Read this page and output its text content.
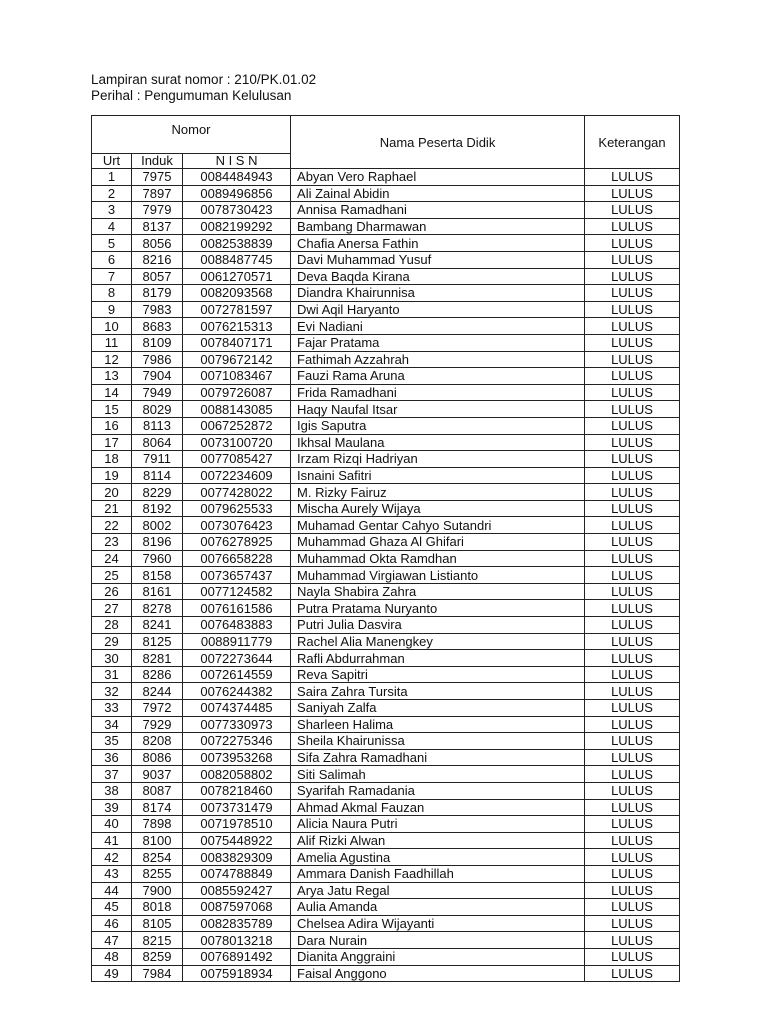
Lampiran surat nomor : 210/PK.01.02
Perihal : Pengumuman Kelulusan
Nomor			Nama Peserta Didik	Keterangan
Urt	Induk	N I S N		
1	7975	0084484943	Abyan Vero Raphael	LULUS
2	7897	0089496856	Ali Zainal Abidin	LULUS
3	7979	0078730423	Annisa Ramadhani	LULUS
4	8137	0082199292	Bambang Dharmawan	LULUS
5	8056	0082538839	Chafia Anersa Fathin	LULUS
6	8216	0088487745	Davi Muhammad Yusuf	LULUS
7	8057	0061270571	Deva Baqda Kirana	LULUS
8	8179	0082093568	Diandra Khairunnisa	LULUS
9	7983	0072781597	Dwi Aqil Haryanto	LULUS
10	8683	0076215313	Evi Nadiani	LULUS
11	8109	0078407171	Fajar Pratama	LULUS
12	7986	0079672142	Fathimah Azzahrah	LULUS
13	7904	0071083467	Fauzi Rama Aruna	LULUS
14	7949	0079726087	Frida Ramadhani	LULUS
15	8029	0088143085	Haqy Naufal Itsar	LULUS
16	8113	0067252872	Igis Saputra	LULUS
17	8064	0073100720	Ikhsal Maulana	LULUS
18	7911	0077085427	Irzam Rizqi Hadriyan	LULUS
19	8114	0072234609	Isnaini Safitri	LULUS
20	8229	0077428022	M. Rizky Fairuz	LULUS
21	8192	0079625533	Mischa Aurely Wijaya	LULUS
22	8002	0073076423	Muhamad Gentar Cahyo Sutandri	LULUS
23	8196	0076278925	Muhammad Ghaza Al Ghifari	LULUS
24	7960	0076658228	Muhammad Okta Ramdhan	LULUS
25	8158	0073657437	Muhammad Virgiawan Listianto	LULUS
26	8161	0077124582	Nayla Shabira Zahra	LULUS
27	8278	0076161586	Putra Pratama Nuryanto	LULUS
28	8241	0076483883	Putri Julia Dasvira	LULUS
29	8125	0088911779	Rachel Alia Manengkey	LULUS
30	8281	0072273644	Rafli Abdurrahman	LULUS
31	8286	0072614559	Reva Sapitri	LULUS
32	8244	0076244382	Saira Zahra Tursita	LULUS
33	7972	0074374485	Saniyah Zalfa	LULUS
34	7929	0077330973	Sharleen Halima	LULUS
35	8208	0072275346	Sheila Khairunissa	LULUS
36	8086	0073953268	Sifa Zahra Ramadhani	LULUS
37	9037	0082058802	Siti Salimah	LULUS
38	8087	0078218460	Syarifah Ramadania	LULUS
39	8174	0073731479	Ahmad Akmal Fauzan	LULUS
40	7898	0071978510	Alicia Naura Putri	LULUS
41	8100	0075448922	Alif Rizki Alwan	LULUS
42	8254	0083829309	Amelia Agustina	LULUS
43	8255	0074788849	Ammara Danish Faadhillah	LULUS
44	7900	0085592427	Arya Jatu Regal	LULUS
45	8018	0087597068	Aulia Amanda	LULUS
46	8105	0082835789	Chelsea Adira Wijayanti	LULUS
47	8215	0078013218	Dara Nurain	LULUS
48	8259	0076891492	Dianita Anggraini	LULUS
49	7984	0075918934	Faisal Anggono	LULUS
